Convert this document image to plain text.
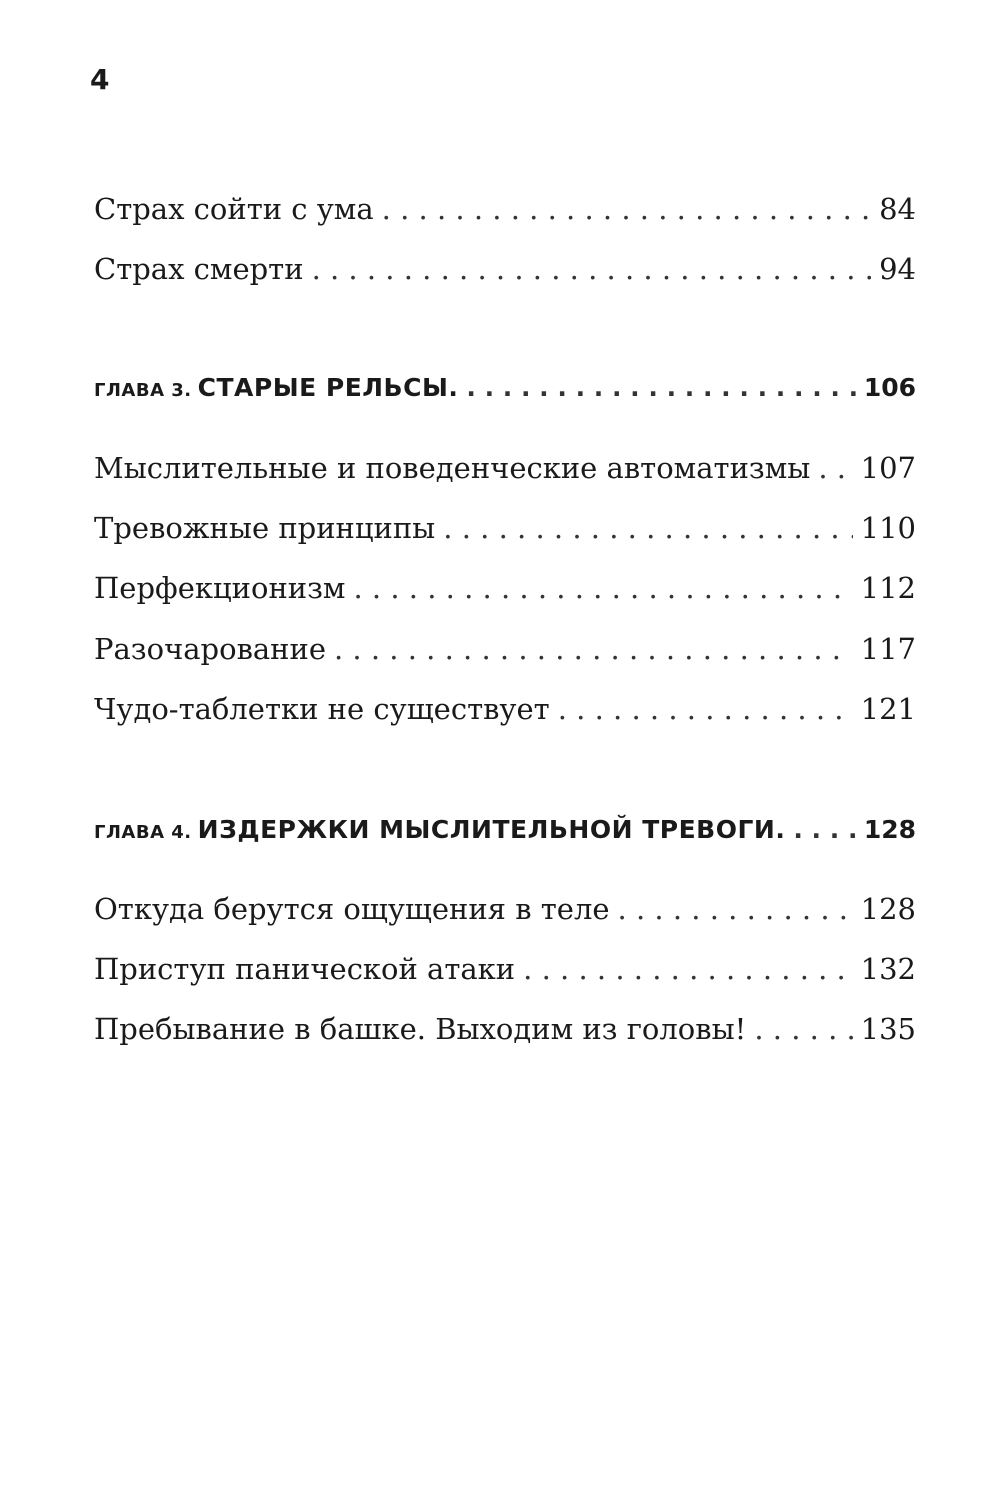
4
Страх сойти с ума . . .	84
Страх смерти . . .	94
ГЛАВА 3. СТАРЫЕ РЕЛЬСЫ. . . .	106
Мыслительные и поведенческие автоматизмы . . . 107
Тревожные принципы . . .	110
Перфекционизм . . .	112
Разочарование . . .	117
Чудо-таблетки не существует . . .	121
ГЛАВА 4. ИЗДЕРЖКИ МЫСЛИТЕЛЬНОЙ ТРЕВОГИ. . . .	128
Откуда берутся ощущения в теле . . .	128
Приступ панической атаки . . .	132
Пребывание в башке. Выходим из головы! . . .	135
